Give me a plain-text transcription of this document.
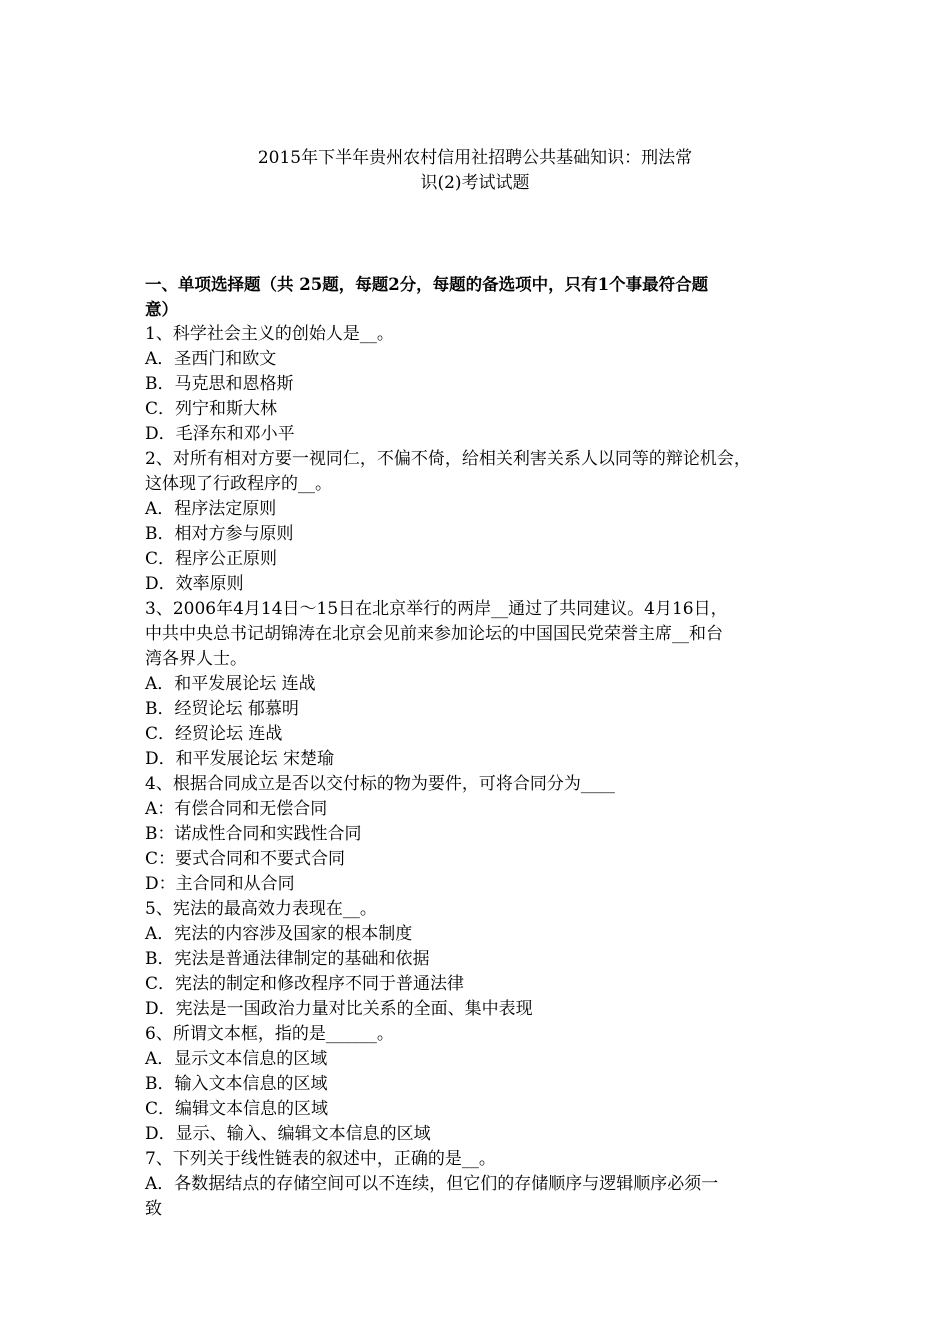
2015年下半年贵州农村信用社招聘公共基础知识：刑法常
识(2)考试试题

一、单项选择题（共 25题，每题2分，每题的备选项中，只有1个事最符合题

意）

1、科学社会主义的创始人是__。

A．圣西门和欧文

B．马克思和恩格斯

C．列宁和斯大林

D．毛泽东和邓小平

2、对所有相对方要一视同仁，不偏不倚，给相关利害关系人以同等的辩论机会，

这体现了行政程序的__。

A．程序法定原则

B．相对方参与原则

C．程序公正原则

D．效率原则

3、2006年4月14日～15日在北京举行的两岸__通过了共同建议。4月16日，

中共中央总书记胡锦涛在北京会见前来参加论坛的中国国民党荣誉主席__和台

湾各界人士。

A．和平发展论坛 连战

B．经贸论坛 郁慕明

C．经贸论坛 连战

D．和平发展论坛 宋楚瑜

4、根据合同成立是否以交付标的物为要件，可将合同分为____

A：有偿合同和无偿合同

B：诺成性合同和实践性合同

C：要式合同和不要式合同

D：主合同和从合同

5、宪法的最高效力表现在__。

A．宪法的内容涉及国家的根本制度

B．宪法是普通法律制定的基础和依据

C．宪法的制定和修改程序不同于普通法律

D．宪法是一国政治力量对比关系的全面、集中表现

6、所谓文本框，指的是______。

A．显示文本信息的区域

B．输入文本信息的区域

C．编辑文本信息的区域

D．显示、输入、编辑文本信息的区域

7、下列关于线性链表的叙述中，正确的是__。

A．各数据结点的存储空间可以不连续，但它们的存储顺序与逻辑顺序必须一

致
